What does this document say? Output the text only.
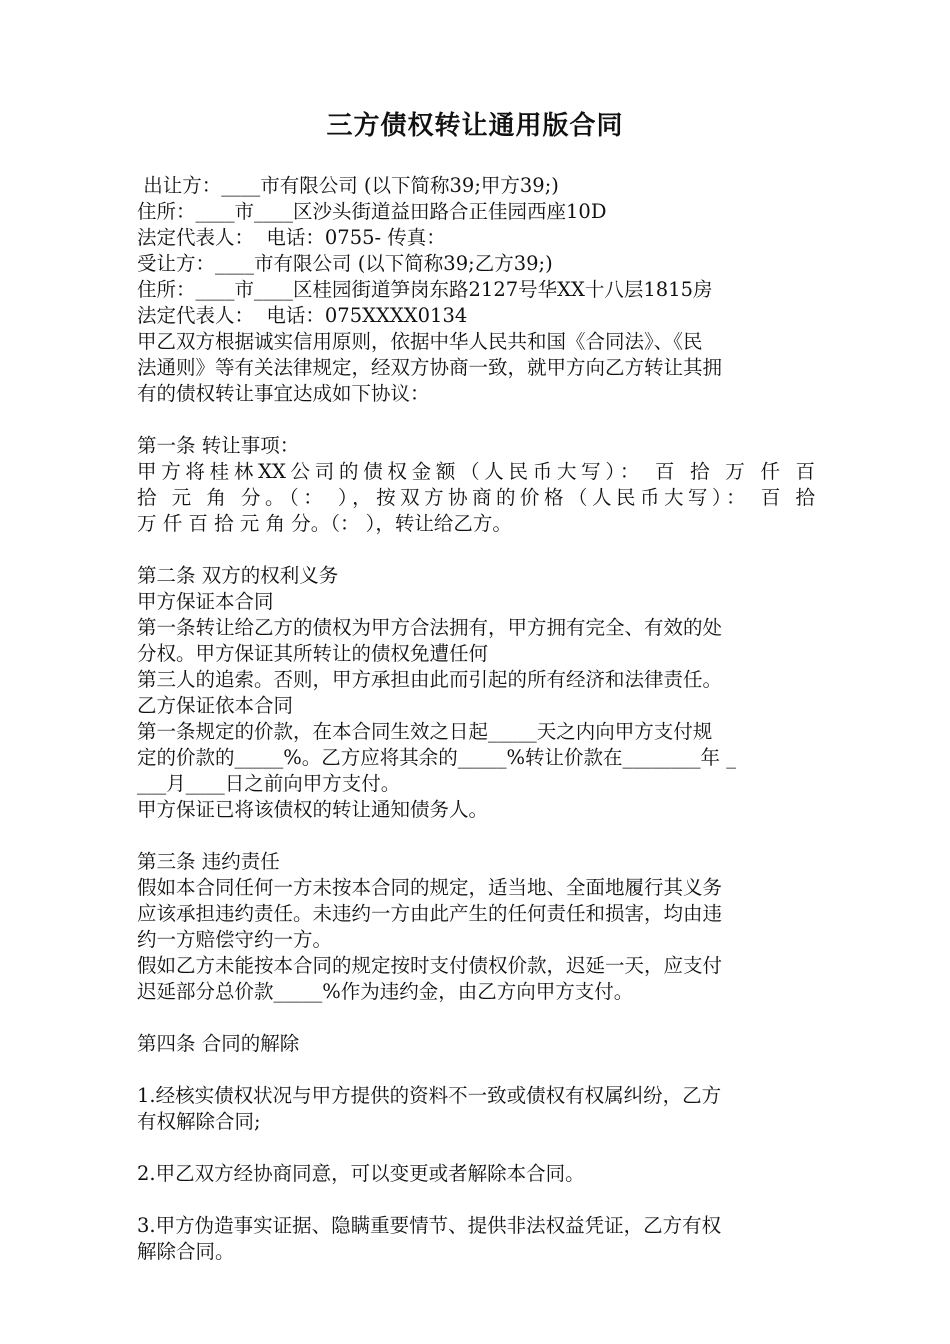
三方债权转让通用版合同
出让方：____市有限公司 (以下简称39;甲方39;)
住所：____市____区沙头街道益田路合正佳园西座10D
法定代表人：  电话：0755- 传真：
受让方：____市有限公司 (以下简称39;乙方39;)
住所：____市____区桂园街道笋岗东路2127号华XX十八层1815房
法定代表人：  电话：075XXXX0134
甲乙双方根据诚实信用原则，依据中华人民共和国《合同法》、《民
法通则》等有关法律规定，经双方协商一致，就甲方向乙方转让其拥
有的债权转让事宜达成如下协议：
第一条 转让事项：
甲方将桂林XX公司的债权金额（人民币大写）： 百 拾 万 仟 百
拾 元 角 分。（： ），按双方协商的价格（人民币大写）： 百 拾
万 仟 百 拾 元 角 分。（： ），转让给乙方。
第二条 双方的权利义务
甲方保证本合同
第一条转让给乙方的债权为甲方合法拥有，甲方拥有完全、有效的处
分权。甲方保证其所转让的债权免遭任何
第三人的追索。否则，甲方承担由此而引起的所有经济和法律责任。
乙方保证依本合同
第一条规定的价款，在本合同生效之日起_____天之内向甲方支付规
定的价款的_____%。乙方应将其余的_____%转让价款在________年 _
___月____日之前向甲方支付。
甲方保证已将该债权的转让通知债务人。
第三条 违约责任
假如本合同任何一方未按本合同的规定，适当地、全面地履行其义务
应该承担违约责任。未违约一方由此产生的任何责任和损害，均由违
约一方赔偿守约一方。
假如乙方未能按本合同的规定按时支付债权价款，迟延一天，应支付
迟延部分总价款_____%作为违约金，由乙方向甲方支付。
第四条 合同的解除
1.经核实债权状况与甲方提供的资料不一致或债权有权属纠纷，乙方
有权解除合同;
2.甲乙双方经协商同意，可以变更或者解除本合同。
3.甲方伪造事实证据、隐瞒重要情节、提供非法权益凭证，乙方有权
解除合同。
